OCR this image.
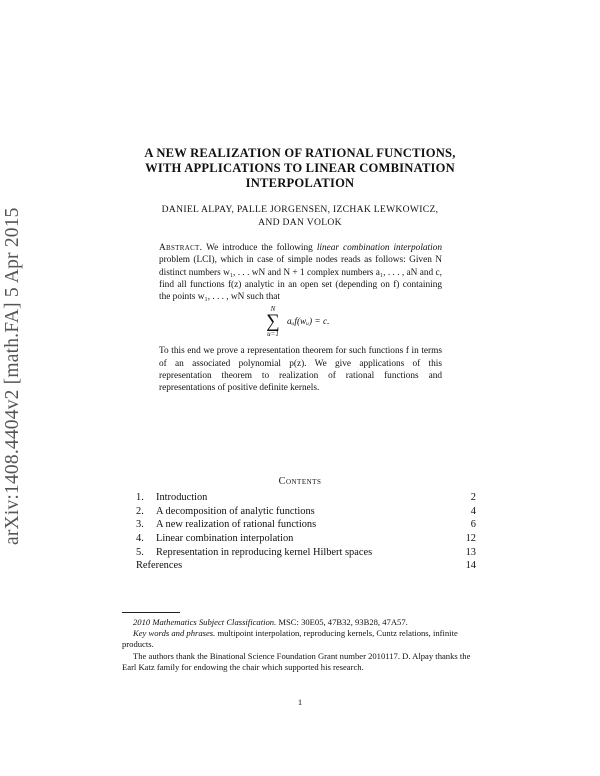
arXiv:1408.4404v2 [math.FA] 5 Apr 2015
A NEW REALIZATION OF RATIONAL FUNCTIONS,
WITH APPLICATIONS TO LINEAR COMBINATION
INTERPOLATION
DANIEL ALPAY, PALLE JORGENSEN, IZCHAK LEWKOWICZ,
AND DAN VOLOK

Abstract. We introduce the following linear combination interpolation problem (LCI), which in case of simple nodes reads as follows: Given N distinct numbers w₁, . . . wN and N + 1 complex numbers a₁, . . . , aN and c, find all functions f(z) analytic in an open set (depending on f) containing the points w₁, . . . , wN such that

N
∑
u=1
aᵤf(wᵤ) = c.

To this end we prove a representation theorem for such functions f in terms of an associated polynomial p(z). We give applications of this representation theorem to realization of rational functions and representations of positive definite kernels.

Contents
1. Introduction	2
2. A decomposition of analytic functions	4
3. A new realization of rational functions	6
4. Linear combination interpolation	12
5. Representation in reproducing kernel Hilbert spaces	13
References	14

2010 Mathematics Subject Classification. MSC: 30E05, 47B32, 93B28, 47A57.

Key words and phrases. multipoint interpolation, reproducing kernels, Cuntz relations, infinite products.

The authors thank the Binational Science Foundation Grant number 2010117. D. Alpay thanks the Earl Katz family for endowing the chair which supported his research.

1
